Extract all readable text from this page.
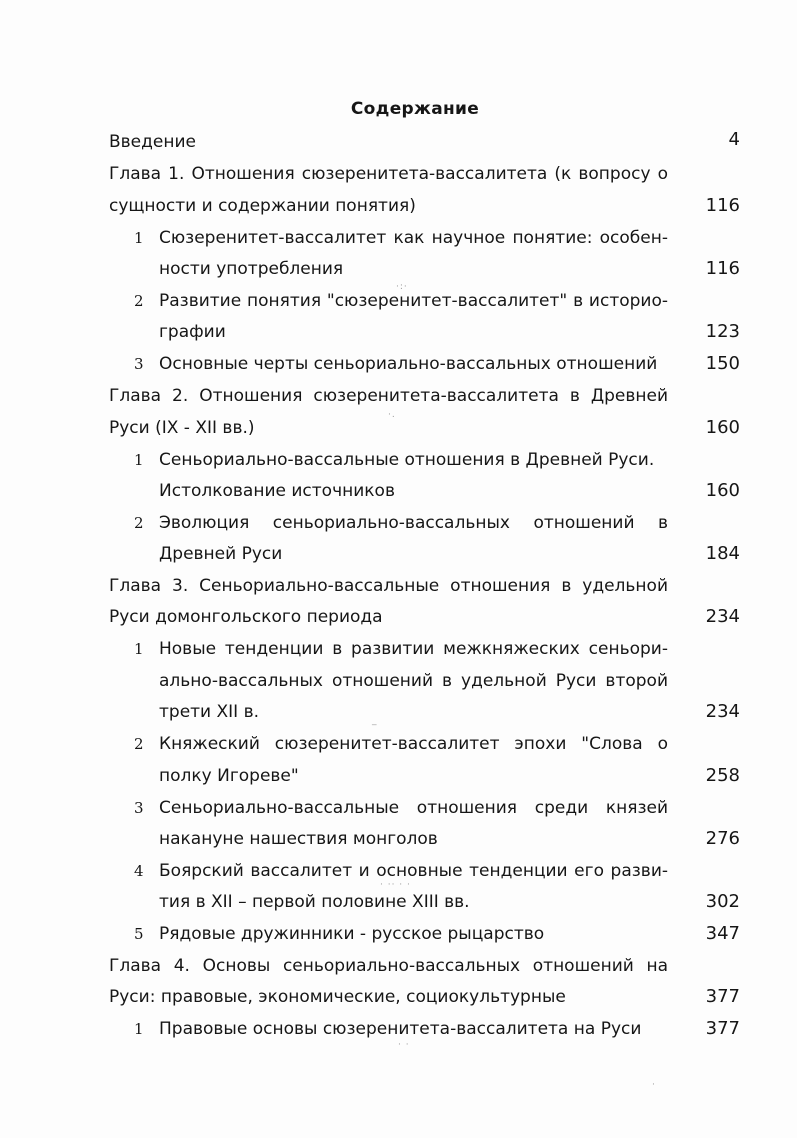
Содержание
Введение	4
Глава 1. Отношения сюзеренитета-вассалитета (к вопросу о
сущности и содержании понятия)	116
1 Сюзеренитет-вассалитет как научное понятие: особен-
ности употребления	116
2 Развитие понятия "сюзеренитет-вассалитет" в историо-
графии	123
3 Основные черты сеньориально-вассальных отношений	150
Глава 2. Отношения сюзеренитета-вассалитета в Древней
Руси (IX - XII вв.)	160
1 Сеньориально-вассальные отношения в Древней Руси.
Истолкование источников	160
2 Эволюция сеньориально-вассальных отношений в
Древней Руси	184
Глава 3. Сеньориально-вассальные отношения в удельной
Руси домонгольского периода	234
1 Новые тенденции в развитии межкняжеских сеньори-
ально-вассальных отношений в удельной Руси второй
трети XII в.	234
2 Княжеский сюзеренитет-вассалитет эпохи "Слова о
полку Игореве"	258
3 Сеньориально-вассальные отношения среди князей
накануне нашествия монголов	276
4 Боярский вассалитет и основные тенденции его разви-
тия в XII – первой половине XIII вв.	302
5 Рядовые дружинники - русское рыцарство	347
Глава 4. Основы сеньориально-вассальных отношений на
Руси: правовые, экономические, социокультурные	377
1 Правовые основы сюзеренитета-вассалитета на Руси	377
·:·
·.
‾
· ·· · ·
· ·
·
